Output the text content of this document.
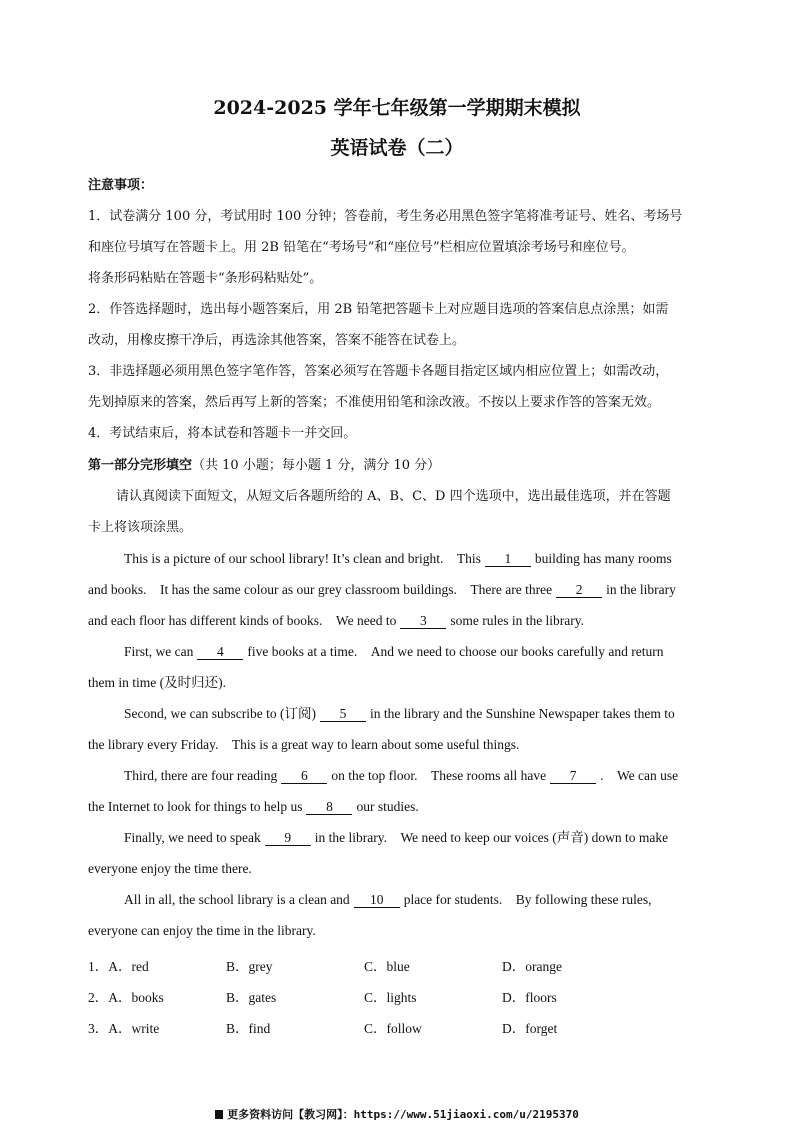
2024-2025 学年七年级第一学期期末模拟
英语试卷（二）
注意事项：
1．试卷满分 100 分，考试用时 100 分钟；答卷前，考生务必用黑色签字笔将准考证号、姓名、考场号
和座位号填写在答题卡上。用 2B 铅笔在“考场号”和“座位号”栏相应位置填涂考场号和座位号。
将条形码粘贴在答题卡“条形码粘贴处”。
2．作答选择题时，选出每小题答案后，用 2B 铅笔把答题卡上对应题目选项的答案信息点涂黑；如需
改动，用橡皮擦干净后，再选涂其他答案，答案不能答在试卷上。
3．非选择题必须用黑色签字笔作答，答案必须写在答题卡各题目指定区域内相应位置上；如需改动，
先划掉原来的答案，然后再写上新的答案；不准使用铅笔和涂改液。不按以上要求作答的答案无效。
4．考试结束后，将本试卷和答题卡一并交回。
第一部分完形填空（共 10 小题；每小题 1 分，满分 10 分）
请认真阅读下面短文，从短文后各题所给的 A、B、C、D 四个选项中，选出最佳选项，并在答题
卡上将该项涂黑。
This is a picture of our school library! It’s clean and bright.　This 1 building has many rooms
and books.　It has the same colour as our grey classroom buildings.　There are three 2 in the library
and each floor has different kinds of books.　We need to 3 some rules in the library.
First, we can 4 five books at a time.　And we need to choose our books carefully and return
them in time (及时归还).
Second, we can subscribe to (订阅) 5 in the library and the Sunshine Newspaper takes them to
the library every Friday.　This is a great way to learn about some useful things.
Third, there are four reading 6 on the top floor.　These rooms all have 7 .　We can use
the Internet to look for things to help us 8 our studies.
Finally, we need to speak 9 in the library.　We need to keep our voices (声音) down to make
everyone enjoy the time there.
All in all, the school library is a clean and 10 place for students.　By following these rules,
everyone can enjoy the time in the library.
1．A．red	B．grey	C．blue	D．orange
2．A．books	B．gates	C．lights	D．floors
3．A．write	B．find	C．follow	D．forget
更多资料访问【教习网】：https://www.51jiaoxi.com/u/2195370
